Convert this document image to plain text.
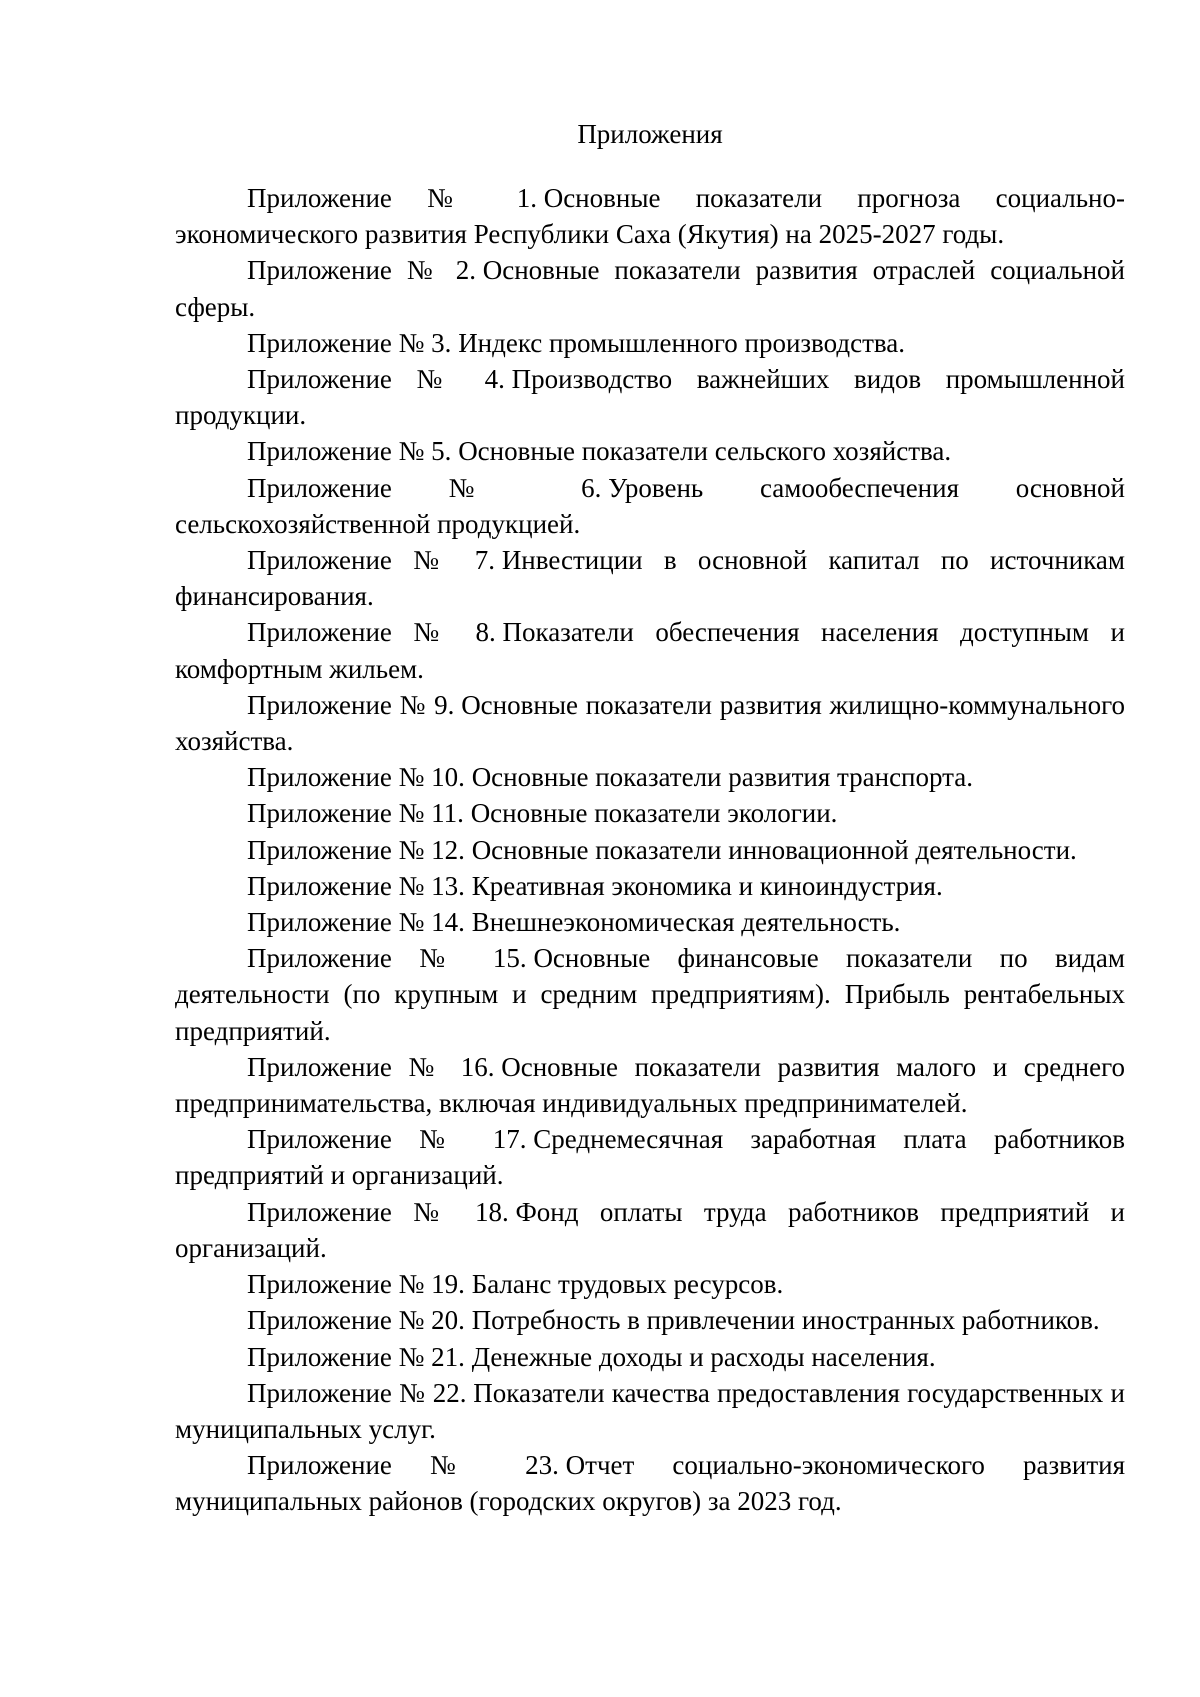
Приложения

Приложение № 1. Основные показатели прогноза социально-экономического развития Республики Саха (Якутия) на 2025-2027 годы.

Приложение № 2. Основные показатели развития отраслей социальной сферы.

Приложение № 3. Индекс промышленного производства.

Приложение № 4. Производство важнейших видов промышленной продукции.

Приложение № 5. Основные показатели сельского хозяйства.

Приложение № 6. Уровень самообеспечения основной сельскохозяйственной продукцией.

Приложение № 7. Инвестиции в основной капитал по источникам финансирования.

Приложение № 8. Показатели обеспечения населения доступным и комфортным жильем.

Приложение № 9. Основные показатели развития жилищно-коммунального хозяйства.

Приложение № 10. Основные показатели развития транспорта.

Приложение № 11. Основные показатели экологии.

Приложение № 12. Основные показатели инновационной деятельности.

Приложение № 13. Креативная экономика и киноиндустрия.

Приложение № 14. Внешнеэкономическая деятельность.

Приложение № 15. Основные финансовые показатели по видам деятельности (по крупным и средним предприятиям). Прибыль рентабельных предприятий.

Приложение № 16. Основные показатели развития малого и среднего предпринимательства, включая индивидуальных предпринимателей.

Приложение № 17. Среднемесячная заработная плата работников предприятий и организаций.

Приложение № 18. Фонд оплаты труда работников предприятий и организаций.

Приложение № 19. Баланс трудовых ресурсов.

Приложение № 20. Потребность в привлечении иностранных работников.

Приложение № 21. Денежные доходы и расходы населения.

Приложение № 22. Показатели качества предоставления государственных и муниципальных услуг.

Приложение № 23. Отчет социально-экономического развития муниципальных районов (городских округов) за 2023 год.
